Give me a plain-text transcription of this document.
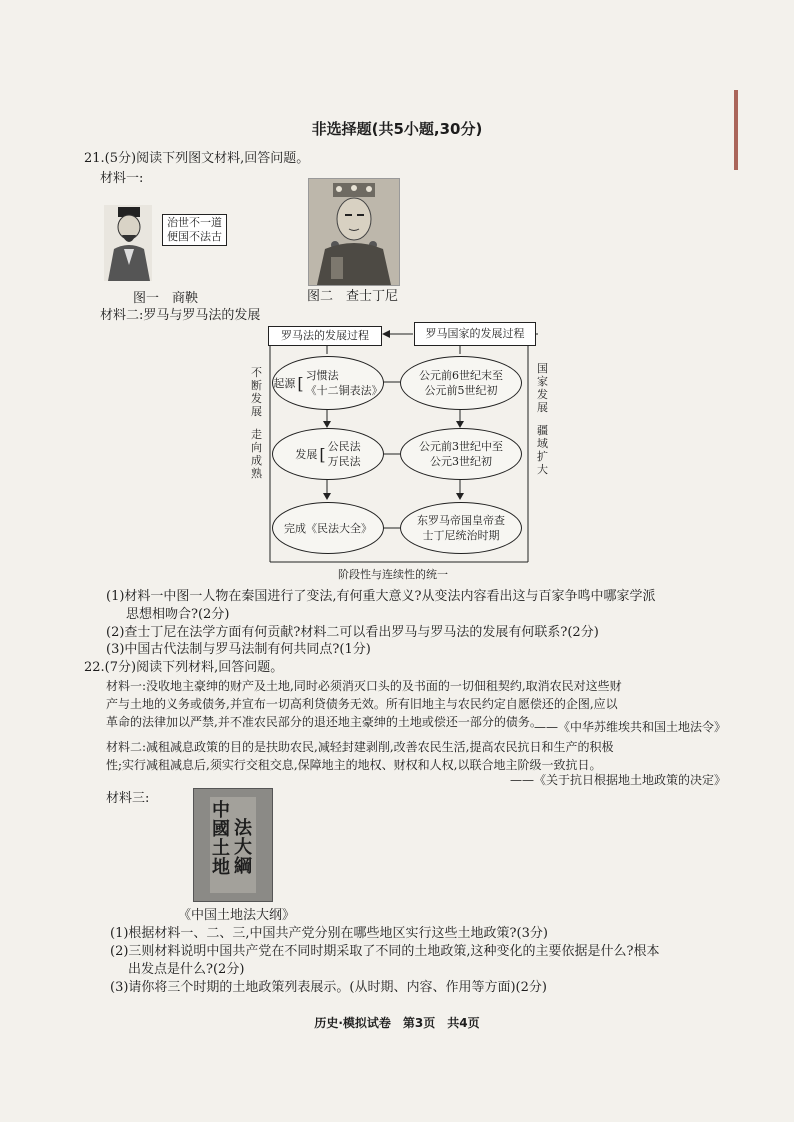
非选择题(共5小题,30分)
21.(5分)阅读下列图文材料,回答问题。
材料一:
治世不一道
便国不法古
图一　商鞅	图二　查士丁尼
材料二:罗马与罗马法的发展
罗马法的发展过程	罗马国家的发展过程
不断发展
走向成熟
国家发展
疆域扩大
起源 [ 习惯法
《十二铜表法》
发展 [ 公民法
万民法
完成《民法大全》
公元前6世纪末至公元前5世纪初
公元前3世纪中至公元3世纪初
东罗马帝国皇帝查士丁尼统治时期
阶段性与连续性的统一
(1)材料一中图一人物在秦国进行了变法,有何重大意义?从变法内容看出这与百家争鸣中哪家学派
思想相吻合?(2分)
(2)查士丁尼在法学方面有何贡献?材料二可以看出罗马与罗马法的发展有何联系?(2分)
(3)中国古代法制与罗马法制有何共同点?(1分)
22.(7分)阅读下列材料,回答问题。
材料一:没收地主豪绅的财产及土地,同时必须消灭口头的及书面的一切佃租契约,取消农民对这些财
产与土地的义务或债务,并宣布一切高利贷债务无效。所有旧地主与农民约定自愿偿还的企图,应以
革命的法律加以严禁,并不准农民部分的退还地主豪绅的土地或偿还一部分的债务。
——《中华苏维埃共和国土地法令》
材料二:减租减息政策的目的是扶助农民,减轻封建剥削,改善农民生活,提高农民抗日和生产的积极
性;实行减租减息后,须实行交租交息,保障地主的地权、财权和人权,以联合地主阶级一致抗日。
——《关于抗日根据地土地政策的决定》
材料三:
中國土地
法大綱
《中国土地法大纲》
(1)根据材料一、二、三,中国共产党分别在哪些地区实行这些土地政策?(3分)
(2)三则材料说明中国共产党在不同时期采取了不同的土地政策,这种变化的主要依据是什么?根本
出发点是什么?(2分)
(3)请你将三个时期的土地政策列表展示。(从时期、内容、作用等方面)(2分)
历史·模拟试卷　第3页　共4页
